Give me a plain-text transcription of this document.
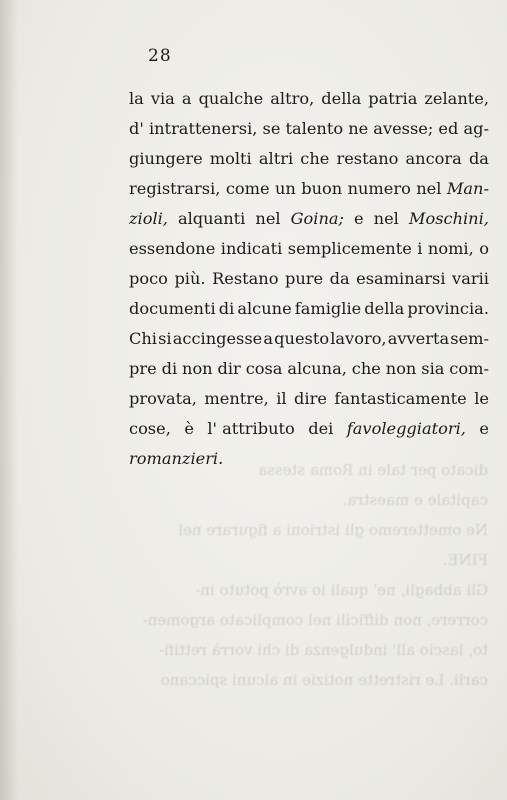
28
la via a qualche altro, della patria zelante,
d' intrattenersi, se talento ne avesse; ed ag-
giungere molti altri che restano ancora da
registrarsi, come un buon numero nel Man-
zioli, alquanti nel Goina; e nel Moschini,
essendone indicati semplicemente i nomi, o
poco più. Restano pure da esaminarsi varii
documenti di alcune famiglie della provincia.
Chi si accingesse a questo lavoro, avverta sem-
pre di non dir cosa alcuna, che non sia com-
provata, mentre, il dire fantasticamente le
cose, è l' attributo dei favoleggiatori, e
romanzieri.
dicato per tale in Roma stessa
capitale e maestra.
Ne ometteremo gli istrioni a figurare nel
FINE.
Gli abbagli, ne' quali io avrò potuto in-
correre, non difficili nel complicato argomen-
to, lascio all' indulgenza di chi vorrà rettifi-
carli. Le ristrette notizie in alcuni spiccano
